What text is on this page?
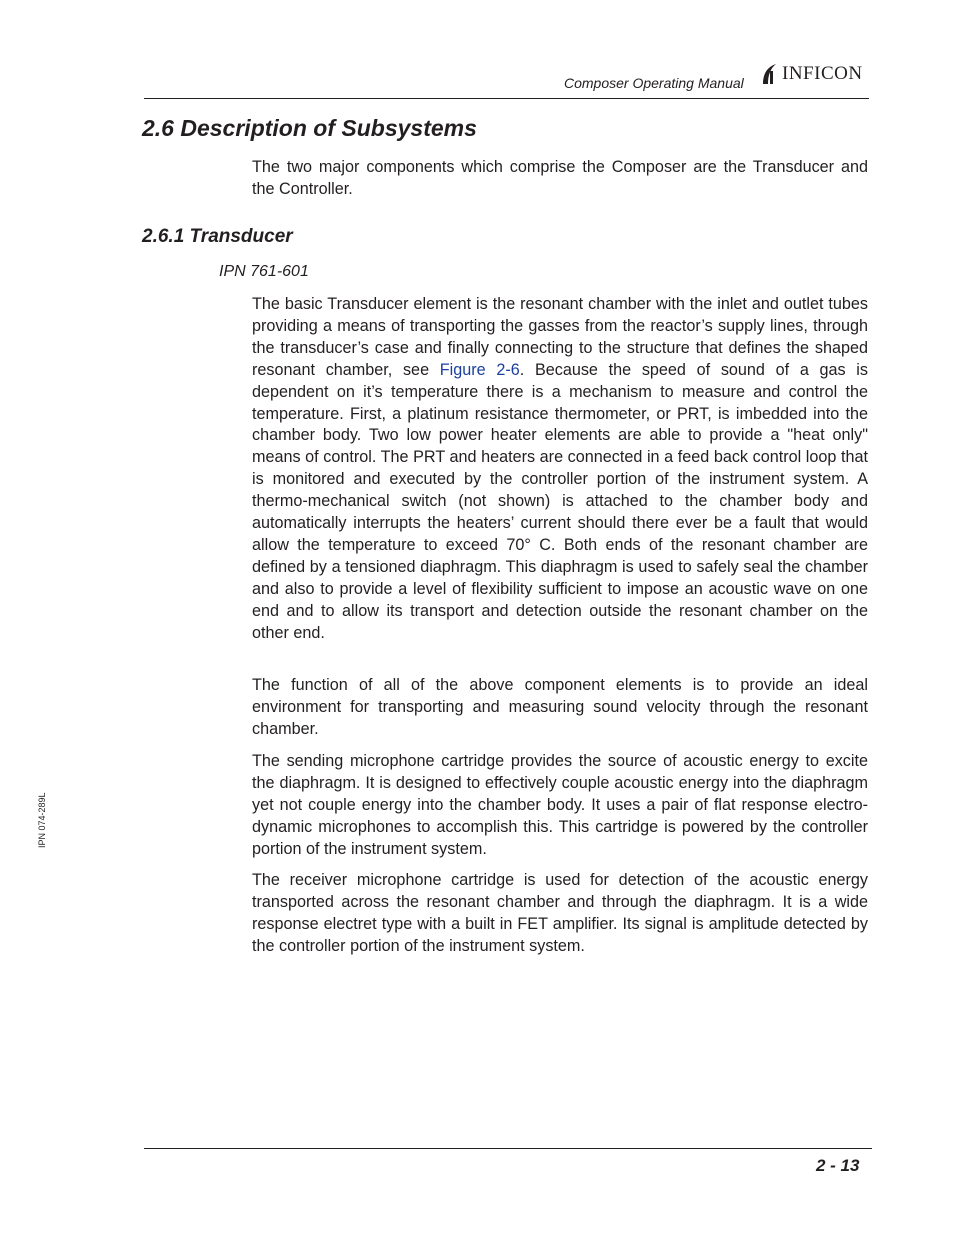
Composer Operating Manual INFICON
2.6 Description of Subsystems

The two major components which comprise the Composer are the Transducer and the Controller.

2.6.1 Transducer

IPN 761-601

The basic Transducer element is the resonant chamber with the inlet and outlet tubes providing a means of transporting the gasses from the reactor’s supply lines, through the transducer’s case and finally connecting to the structure that defines the shaped resonant chamber, see Figure 2-6. Because the speed of sound of a gas is dependent on it’s temperature there is a mechanism to measure and control the temperature. First, a platinum resistance thermometer, or PRT, is imbedded into the chamber body. Two low power heater elements are able to provide a "heat only" means of control. The PRT and heaters are connected in a feed back control loop that is monitored and executed by the controller portion of the instrument system. A thermo-mechanical switch (not shown) is attached to the chamber body and automatically interrupts the heaters’ current should there ever be a fault that would allow the temperature to exceed 70° C. Both ends of the resonant chamber are defined by a tensioned diaphragm. This diaphragm is used to safely seal the chamber and also to provide a level of flexibility sufficient to impose an acoustic wave on one end and to allow its transport and detection outside the resonant chamber on the other end.

The function of all of the above component elements is to provide an ideal environment for transporting and measuring sound velocity through the resonant chamber.

The sending microphone cartridge provides the source of acoustic energy to excite the diaphragm. It is designed to effectively couple acoustic energy into the diaphragm yet not couple energy into the chamber body. It uses a pair of flat response electro-dynamic microphones to accomplish this. This cartridge is powered by the controller portion of the instrument system.

The receiver microphone cartridge is used for detection of the acoustic energy transported across the resonant chamber and through the diaphragm. It is a wide response electret type with a built in FET amplifier. Its signal is amplitude detected by the controller portion of the instrument system.

IPN 074-289L
2 - 13
